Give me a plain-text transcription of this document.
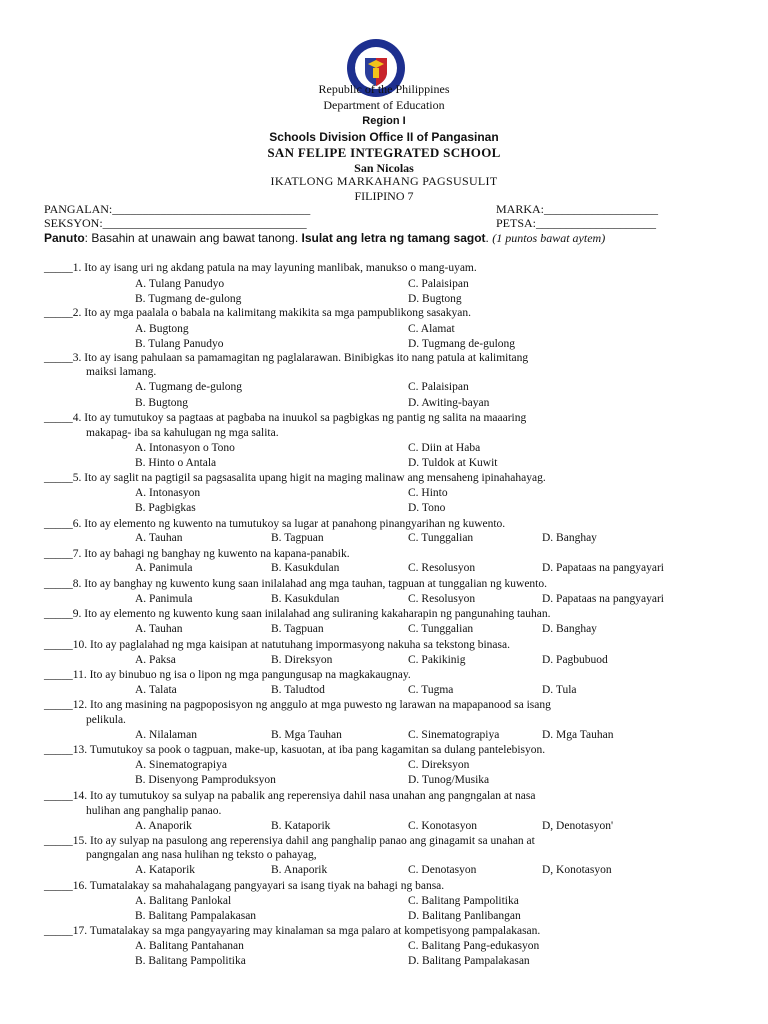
Republic of the Philippines
Department of Education
Region I
Schools Division Office II of Pangasinan
SAN FELIPE INTEGRATED SCHOOL
San Nicolas
IKATLONG MARKAHANG PAGSUSULIT
FILIPINO 7
PANGALAN:_________________________________	MARKA:___________________
SEKSYON:__________________________________	PETSA:____________________
Panuto: Basahin at unawain ang bawat tanong. Isulat ang letra ng tamang sagot. (1 puntos bawat aytem)
_____1. Ito ay isang uri ng akdang patula na may layuning manlibak, manukso o mang-uyam.
A. Tulang Panudyo	C. Palaisipan
B. Tugmang de-gulong	D. Bugtong
_____2. Ito ay mga paalala o babala na kalimitang makikita sa mga pampublikong sasakyan.
A. Bugtong	C. Alamat
B. Tulang Panudyo	D. Tugmang de-gulong
_____3. Ito ay isang pahulaan sa pamamagitan ng paglalarawan. Binibigkas ito nang patula at kalimitang
maiksi lamang.
A. Tugmang de-gulong	C. Palaisipan
B. Bugtong	D. Awiting-bayan
_____4. Ito ay tumutukoy sa pagtaas at pagbaba na inuukol sa pagbigkas ng pantig ng salita na maaaring
makapag- iba sa kahulugan ng mga salita.
A. Intonasyon o Tono	C. Diin at Haba
B. Hinto o Antala	D. Tuldok at Kuwit
_____5. Ito ay saglit na pagtigil sa pagsasalita upang higit na maging malinaw ang mensaheng ipinahahayag.
A. Intonasyon	C. Hinto
B. Pagbigkas	D. Tono
_____6. Ito ay elemento ng kuwento na tumutukoy sa lugar at panahong pinangyarihan ng kuwento.
A. Tauhan	B. Tagpuan	C. Tunggalian	D. Banghay
_____7. Ito ay bahagi ng banghay ng kuwento na kapana-panabik.
A. Panimula	B. Kasukdulan	C. Resolusyon	D. Papataas na pangyayari
_____8. Ito ay banghay ng kuwento kung saan inilalahad ang mga tauhan, tagpuan at tunggalian ng kuwento.
A. Panimula	B. Kasukdulan	C. Resolusyon	D. Papataas na pangyayari
_____9. Ito ay elemento ng kuwento kung saan inilalahad ang suliraning kakaharapin ng pangunahing tauhan.
A. Tauhan	B. Tagpuan	C. Tunggalian	D. Banghay
_____10. Ito ay paglalahad ng mga kaisipan at natutuhang impormasyong nakuha sa tekstong binasa.
A. Paksa	B. Direksyon	C. Pakikinig	D. Pagbubuod
_____11. Ito ay binubuo ng isa o lipon ng mga pangungusap na magkakaugnay.
A. Talata	B. Taludtod	C. Tugma	D. Tula
_____12. Ito ang masining na pagpoposisyon ng anggulo at mga puwesto ng larawan na mapapanood sa isang
pelikula.
A. Nilalaman	B. Mga Tauhan	C. Sinematograpiya	D. Mga Tauhan
_____13. Tumutukoy sa pook o tagpuan, make-up, kasuotan, at iba pang kagamitan sa dulang pantelebisyon.
A. Sinematograpiya	C. Direksyon
B. Disenyong Pamproduksyon	D. Tunog/Musika
_____14. Ito ay tumutukoy sa sulyap na pabalik ang reperensiya dahil nasa unahan ang pangngalan at nasa
hulihan ang panghalip panao.
A. Anaporik	B. Kataporik	C. Konotasyon	D, Denotasyon'
_____15. Ito ay sulyap na pasulong ang reperensiya dahil ang panghalip panao ang ginagamit sa unahan at
pangngalan ang nasa hulihan ng teksto o pahayag,
A. Kataporik	B. Anaporik	C. Denotasyon	D, Konotasyon
_____16. Tumatalakay sa mahahalagang pangyayari sa isang tiyak na bahagi ng bansa.
A. Balitang Panlokal	C. Balitang Pampolitika
B. Balitang Pampalakasan	D. Balitang Panlibangan
_____17. Tumatalakay sa mga pangyayaring may kinalaman sa mga palaro at kompetisyong pampalakasan.
A. Balitang Pantahanan	C. Balitang Pang-edukasyon
B. Balitang Pampolitika	D. Balitang Pampalakasan
